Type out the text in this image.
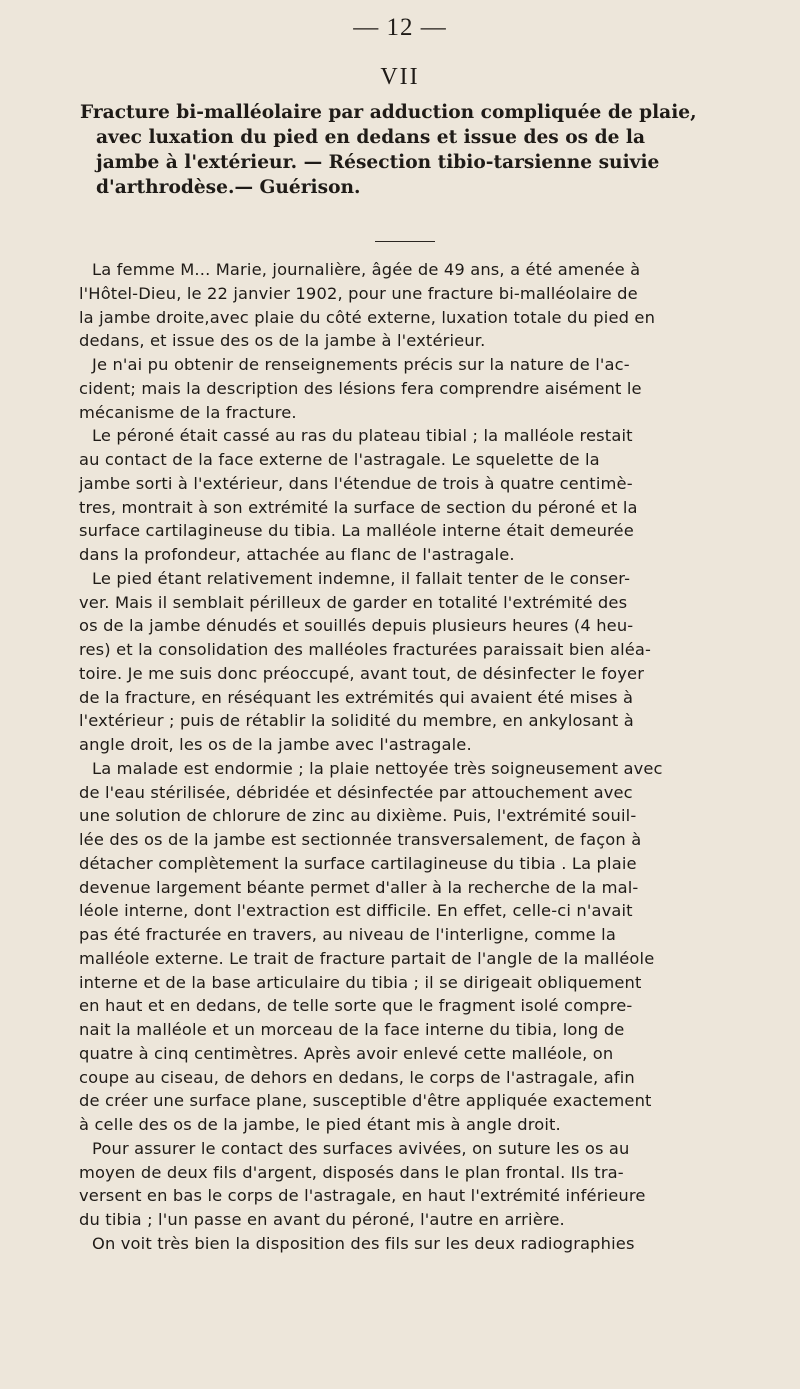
— 12 —
VII
Fracture bi-malléolaire par adduction compliquée de plaie,
avec luxation du pied en dedans et issue des os de la
jambe à l'extérieur. — Résection tibio-tarsienne suivie
d'arthrodèse.— Guérison.
La femme M... Marie, journalière, âgée de 49 ans, a été amenée à
l'Hôtel-Dieu, le 22 janvier 1902, pour une fracture bi-malléolaire de
la jambe droite,avec plaie du côté externe, luxation totale du pied en
dedans, et issue des os de la jambe à l'extérieur.
Je n'ai pu obtenir de renseignements précis sur la nature de l'ac-
cident; mais la description des lésions fera comprendre aisément le
mécanisme de la fracture.
Le péroné était cassé au ras du plateau tibial ; la malléole restait
au contact de la face externe de l'astragale. Le squelette de la
jambe sorti à l'extérieur, dans l'étendue de trois à quatre centimè-
tres, montrait à son extrémité la surface de section du péroné et la
surface cartilagineuse du tibia. La malléole interne était demeurée
dans la profondeur, attachée au flanc de l'astragale.
Le pied étant relativement indemne, il fallait tenter de le conser-
ver. Mais il semblait périlleux de garder en totalité l'extrémité des
os de la jambe dénudés et souillés depuis plusieurs heures (4 heu-
res) et la consolidation des malléoles fracturées paraissait bien aléa-
toire. Je me suis donc préoccupé, avant tout, de désinfecter le foyer
de la fracture, en réséquant les extrémités qui avaient été mises à
l'extérieur ; puis de rétablir la solidité du membre, en ankylosant à
angle droit, les os de la jambe avec l'astragale.
La malade est endormie ; la plaie nettoyée très soigneusement avec
de l'eau stérilisée, débridée et désinfectée par attouchement avec
une solution de chlorure de zinc au dixième. Puis, l'extrémité souil-
lée des os de la jambe est sectionnée transversalement, de façon à
détacher complètement la surface cartilagineuse du tibia . La plaie
devenue largement béante permet d'aller à la recherche de la mal-
léole interne, dont l'extraction est difficile. En effet, celle-ci n'avait
pas été fracturée en travers, au niveau de l'interligne, comme la
malléole externe. Le trait de fracture partait de l'angle de la malléole
interne et de la base articulaire du tibia ; il se dirigeait obliquement
en haut et en dedans, de telle sorte que le fragment isolé compre-
nait la malléole et un morceau de la face interne du tibia, long de
quatre à cinq centimètres. Après avoir enlevé cette malléole, on
coupe au ciseau, de dehors en dedans, le corps de l'astragale, afin
de créer une surface plane, susceptible d'être appliquée exactement
à celle des os de la jambe, le pied étant mis à angle droit.
Pour assurer le contact des surfaces avivées, on suture les os au
moyen de deux fils d'argent, disposés dans le plan frontal. Ils tra-
versent en bas le corps de l'astragale, en haut l'extrémité inférieure
du tibia ; l'un passe en avant du péroné, l'autre en arrière.
On voit très bien la disposition des fils sur les deux radiographies
